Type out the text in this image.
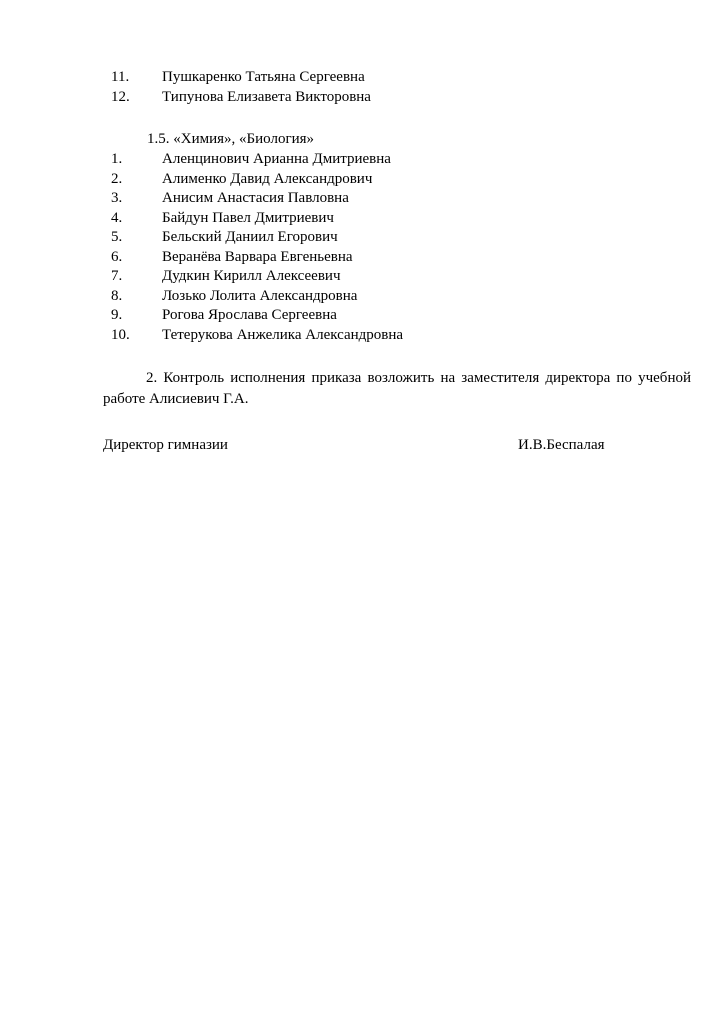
11. Пушкаренко Татьяна Сергеевна
12. Типунова Елизавета Викторовна
1.5. «Химия», «Биология»
1.	Аленцинович Арианна Дмитриевна
2.	Алименко Давид Александрович
3.	Анисим Анастасия Павловна
4.	Байдун Павел Дмитриевич
5.	Бельский Даниил Егорович
6.	Веранёва Варвара Евгеньевна
7.	Дудкин Кирилл Алексеевич
8.	Лозько Лолита Александровна
9.	Рогова Ярослава Сергеевна
10. Тетерукова Анжелика Александровна
2. Контроль исполнения приказа возложить на заместителя директора по учебной работе Алисиевич Г.А.
Директор гимназии	И.В.Беспалая
